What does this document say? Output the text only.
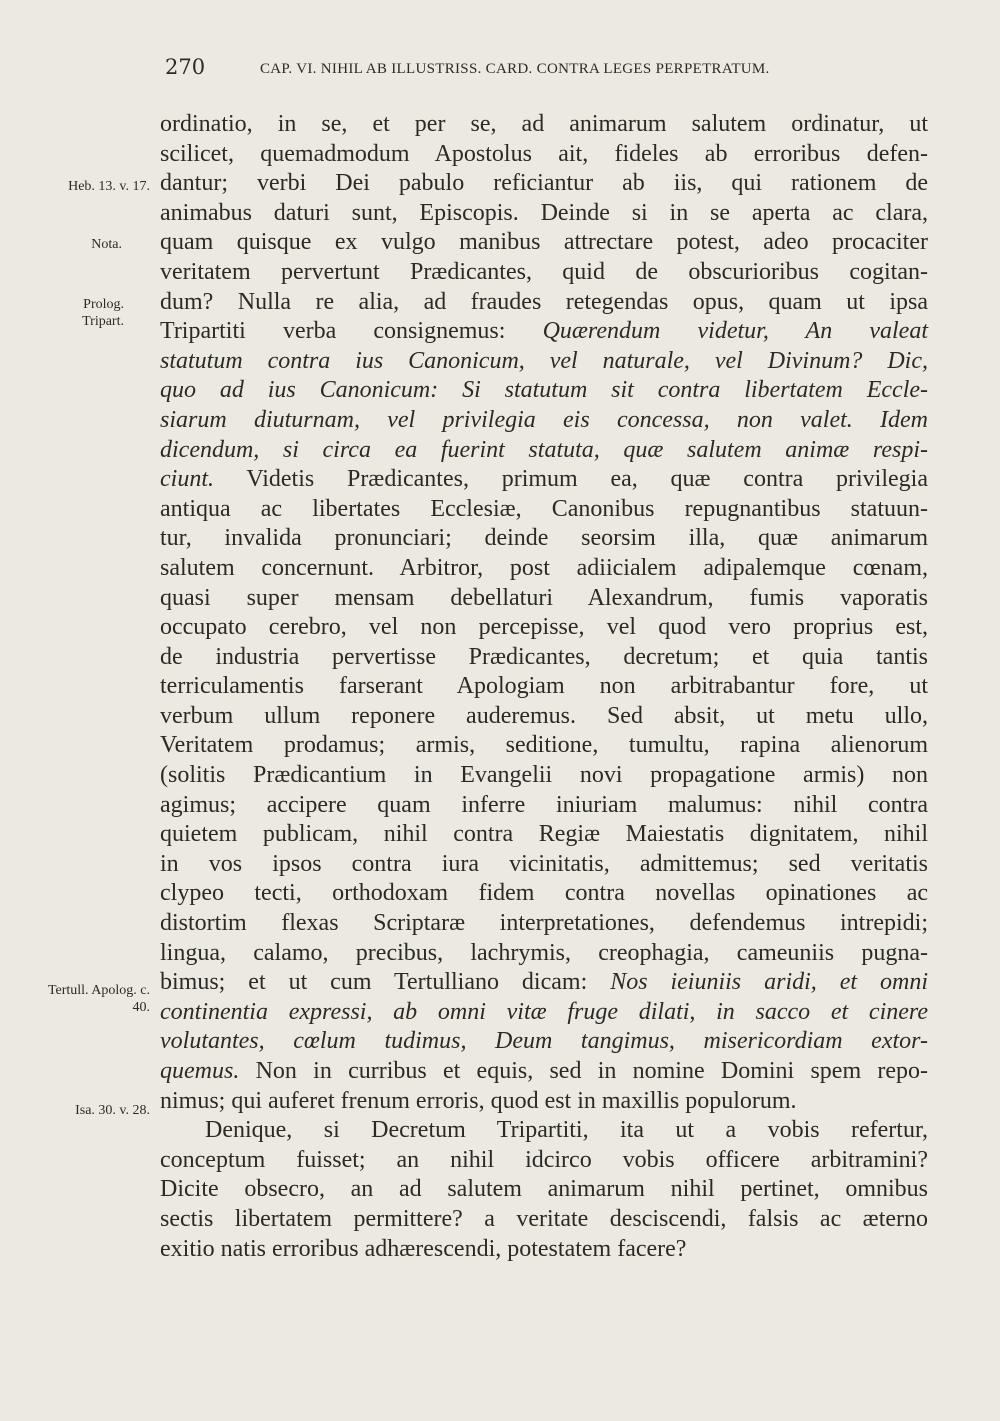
270	CAP. VI. NIHIL AB ILLUSTRISS. CARD. CONTRA LEGES PERPETRATUM.
Heb. 13. v. 17.
Nota.
Prolog. Tripart.
Tertull. Apolog. c. 40.
Isa. 30. v. 28.
ordinatio, in se, et per se, ad animarum salutem ordinatur, ut
scilicet, quemadmodum Apostolus ait, fideles ab erroribus defen-
dantur; verbi Dei pabulo reficiantur ab iis, qui rationem de
animabus daturi sunt, Episcopis. Deinde si in se aperta ac clara,
quam quisque ex vulgo manibus attrectare potest, adeo procaciter
veritatem pervertunt Prædicantes, quid de obscurioribus cogitan-
dum? Nulla re alia, ad fraudes retegendas opus, quam ut ipsa
Tripartiti verba consignemus: Quærendum videtur, An valeat
statutum contra ius Canonicum, vel naturale, vel Divinum? Dic,
quo ad ius Canonicum: Si statutum sit contra libertatem Eccle-
siarum diuturnam, vel privilegia eis concessa, non valet. Idem
dicendum, si circa ea fuerint statuta, quæ salutem animæ respi-
ciunt. Videtis Prædicantes, primum ea, quæ contra privilegia
antiqua ac libertates Ecclesiæ, Canonibus repugnantibus statuun-
tur, invalida pronunciari; deinde seorsim illa, quæ animarum
salutem concernunt. Arbitror, post adiicialem adipalemque cœnam,
quasi super mensam debellaturi Alexandrum, fumis vaporatis
occupato cerebro, vel non percepisse, vel quod vero proprius est,
de industria pervertisse Prædicantes, decretum; et quia tantis
terriculamentis farserant Apologiam non arbitrabantur fore, ut
verbum ullum reponere auderemus. Sed absit, ut metu ullo,
Veritatem prodamus; armis, seditione, tumultu, rapina alienorum
(solitis Prædicantium in Evangelii novi propagatione armis) non
agimus; accipere quam inferre iniuriam malumus: nihil contra
quietem publicam, nihil contra Regiæ Maiestatis dignitatem, nihil
in vos ipsos contra iura vicinitatis, admittemus; sed veritatis
clypeo tecti, orthodoxam fidem contra novellas opinationes ac
distortim flexas Scriptaræ interpretationes, defendemus intrepidi;
lingua, calamo, precibus, lachrymis, creophagia, cameuniis pugna-
bimus; et ut cum Tertulliano dicam: Nos ieiuniis aridi, et omni
continentia expressi, ab omni vitæ fruge dilati, in sacco et cinere
volutantes, cœlum tudimus, Deum tangimus, misericordiam extor-
quemus. Non in curribus et equis, sed in nomine Domini spem repo-
nimus; qui auferet frenum erroris, quod est in maxillis populorum.
Denique, si Decretum Tripartiti, ita ut a vobis refertur,
conceptum fuisset; an nihil idcirco vobis officere arbitramini?
Dicite obsecro, an ad salutem animarum nihil pertinet, omnibus
sectis libertatem permittere? a veritate desciscendi, falsis ac æterno
exitio natis erroribus adhærescendi, potestatem facere?
